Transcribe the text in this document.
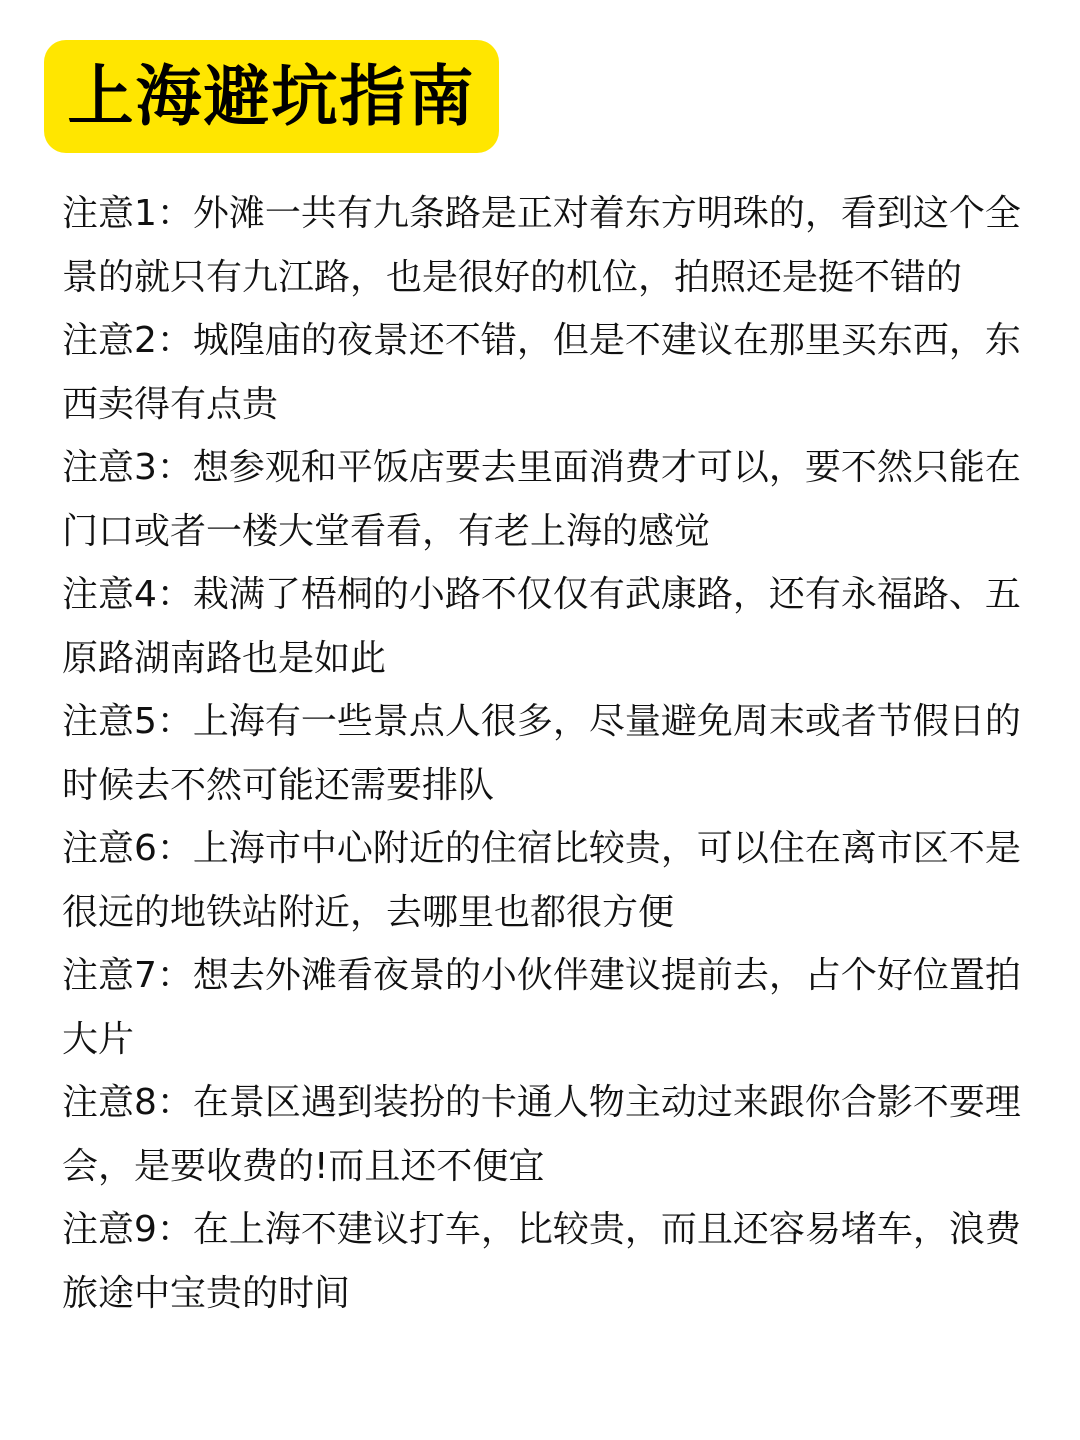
上海避坑指南
注意1：外滩一共有九条路是正对着东方明珠的，看到这个全景的就只有九江路，也是很好的机位，拍照还是挺不错的
注意2：城隍庙的夜景还不错，但是不建议在那里买东西，东西卖得有点贵
注意3：想参观和平饭店要去里面消费才可以，要不然只能在门口或者一楼大堂看看，有老上海的感觉
注意4：栽满了梧桐的小路不仅仅有武康路，还有永福路、五原路湖南路也是如此
注意5：上海有一些景点人很多，尽量避免周末或者节假日的时候去不然可能还需要排队
注意6：上海市中心附近的住宿比较贵，可以住在离市区不是很远的地铁站附近，去哪里也都很方便
注意7：想去外滩看夜景的小伙伴建议提前去，占个好位置拍大片
注意8：在景区遇到装扮的卡通人物主动过来跟你合影不要理会，是要收费的!而且还不便宜
注意9：在上海不建议打车，比较贵，而且还容易堵车，浪费旅途中宝贵的时间
